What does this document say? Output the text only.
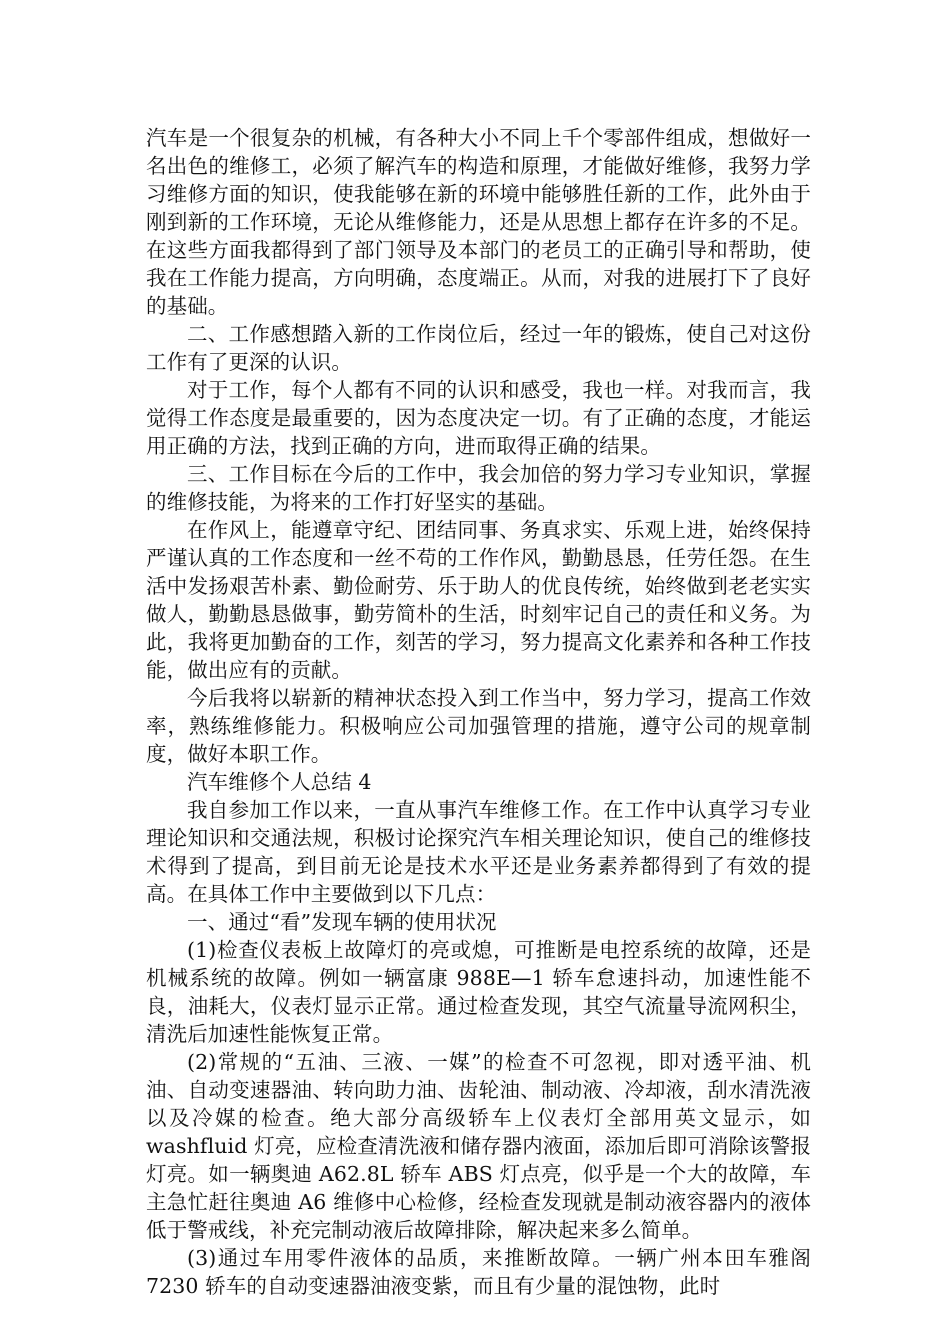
汽车是一个很复杂的机械，有各种大小不同上千个零部件组成，想做好一名出色的维修工，必须了解汽车的构造和原理，才能做好维修，我努力学习维修方面的知识，使我能够在新的环境中能够胜任新的工作，此外由于刚到新的工作环境，无论从维修能力，还是从思想上都存在许多的不足。在这些方面我都得到了部门领导及本部门的老员工的正确引导和帮助，使我在工作能力提高，方向明确，态度端正。从而，对我的进展打下了良好的基础。

二、工作感想踏入新的工作岗位后，经过一年的锻炼，使自己对这份工作有了更深的认识。

对于工作，每个人都有不同的认识和感受，我也一样。对我而言，我觉得工作态度是最重要的，因为态度决定一切。有了正确的态度，才能运用正确的方法，找到正确的方向，进而取得正确的结果。

三、工作目标在今后的工作中，我会加倍的努力学习专业知识，掌握的维修技能，为将来的工作打好坚实的基础。

在作风上，能遵章守纪、团结同事、务真求实、乐观上进，始终保持严谨认真的工作态度和一丝不苟的工作作风，勤勤恳恳，任劳任怨。在生活中发扬艰苦朴素、勤俭耐劳、乐于助人的优良传统，始终做到老老实实做人，勤勤恳恳做事，勤劳简朴的生活，时刻牢记自己的责任和义务。为此，我将更加勤奋的工作，刻苦的学习，努力提高文化素养和各种工作技能，做出应有的贡献。

今后我将以崭新的精神状态投入到工作当中，努力学习，提高工作效率，熟练维修能力。积极响应公司加强管理的措施，遵守公司的规章制度，做好本职工作。

汽车维修个人总结 4

我自参加工作以来，一直从事汽车维修工作。在工作中认真学习专业理论知识和交通法规，积极讨论探究汽车相关理论知识，使自己的维修技术得到了提高，到目前无论是技术水平还是业务素养都得到了有效的提高。在具体工作中主要做到以下几点：

一、通过“看”发现车辆的使用状况

(1)检查仪表板上故障灯的亮或熄，可推断是电控系统的故障，还是机械系统的故障。例如一辆富康 988E—1 轿车怠速抖动，加速性能不良，油耗大，仪表灯显示正常。通过检查发现，其空气流量导流网积尘，清洗后加速性能恢复正常。

(2)常规的“五油、三液、一媒”的检查不可忽视，即对透平油、机油、自动变速器油、转向助力油、齿轮油、制动液、冷却液，刮水清洗液以及冷媒的检查。绝大部分高级轿车上仪表灯全部用英文显示，如 washfluid 灯亮，应检查清洗液和储存器内液面，添加后即可消除该警报灯亮。如一辆奥迪 A62.8L 轿车 ABS 灯点亮，似乎是一个大的故障，车主急忙赶往奥迪 A6 维修中心检修，经检查发现就是制动液容器内的液体低于警戒线，补充完制动液后故障排除，解决起来多么简单。

(3)通过车用零件液体的品质，来推断故障。一辆广州本田车雅阁 7230 轿车的自动变速器油液变紫，而且有少量的混蚀物，此时
